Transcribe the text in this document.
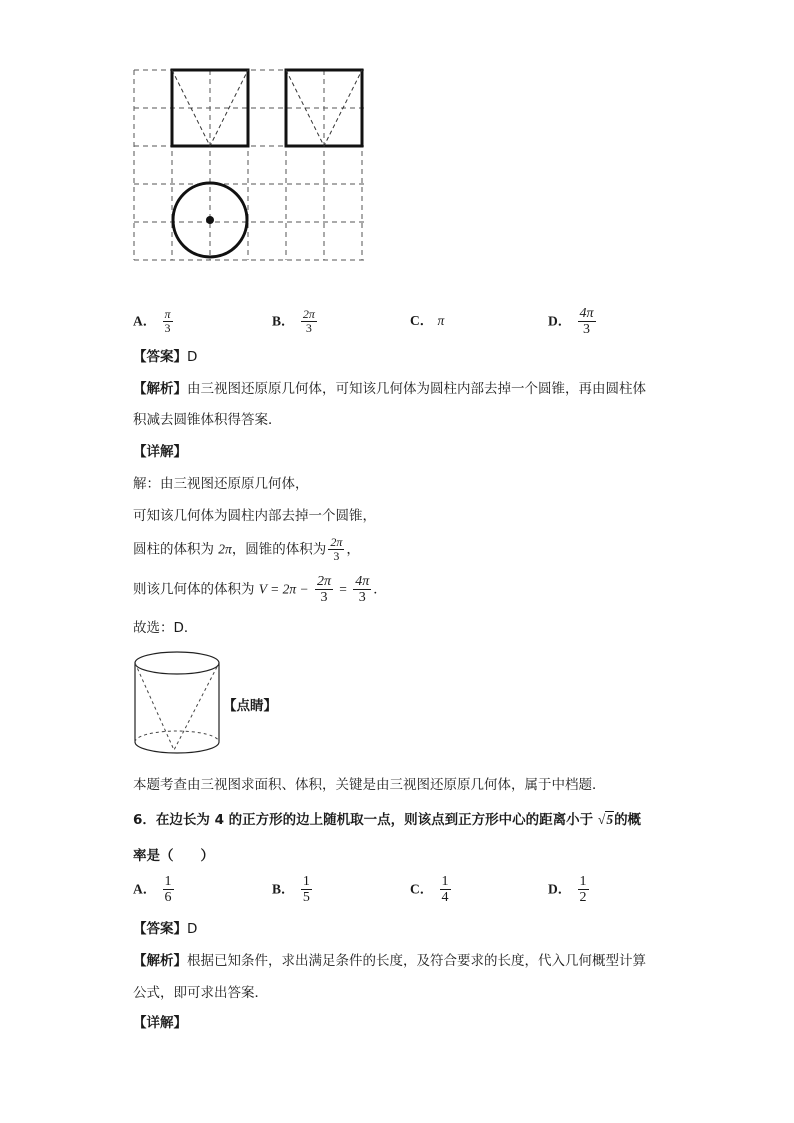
A． $\frac{\pi}{3}$	B． $\frac{2\pi}{3}$	C． π	D． $\frac{4\pi}{3}$
【答案】D
【解析】由三视图还原原几何体，可知该几何体为圆柱内部去掉一个圆锥，再由圆柱体
积减去圆锥体积得答案．
【详解】
解：由三视图还原原几何体，
可知该几何体为圆柱内部去掉一个圆锥，
圆柱的体积为 2π，圆锥的体积为 $\frac{2\pi}{3}$ ，
则该几何体的体积为 $V = 2\pi - \frac{2\pi}{3} = \frac{4\pi}{3}$ ．
故选：D．
【点睛】
本题考查由三视图求面积、体积，关键是由三视图还原原几何体，属于中档题．
6．在边长为 4 的正方形的边上随机取一点，则该点到正方形中心的距离小于 √5的概
率是（　　）
A． $\frac{1}{6}$	B． $\frac{1}{5}$	C． $\frac{1}{4}$	D． $\frac{1}{2}$
【答案】D
【解析】根据已知条件，求出满足条件的长度，及符合要求的长度，代入几何概型计算
公式，即可求出答案．
【详解】
